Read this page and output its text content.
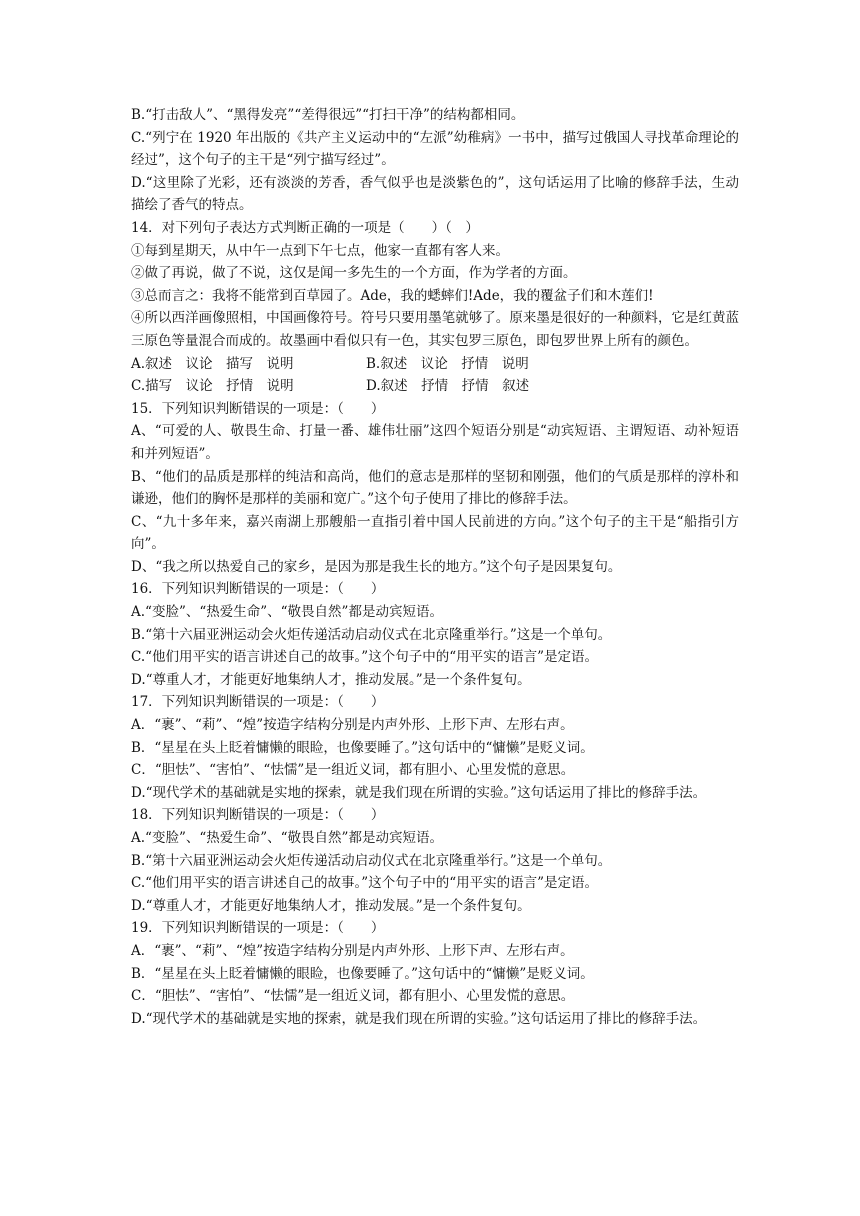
B.“打击敌人”、“黑得发亮”“差得很远”“打扫干净”的结构都相同。

C.“列宁在 1920 年出版的《共产主义运动中的“左派”幼稚病》一书中，描写过俄国人寻找革命理论的经过”，这个句子的主干是“列宁描写经过”。

D.“这里除了光彩，还有淡淡的芳香，香气似乎也是淡紫色的”，这句话运用了比喻的修辞手法，生动描绘了香气的特点。

14．对下列句子表达方式判断正确的一项是（　　）（　）

①每到星期天，从中午一点到下午七点，他家一直都有客人来。

②做了再说，做了不说，这仅是闻一多先生的一个方面，作为学者的方面。

③总而言之：我将不能常到百草园了。Ade，我的蟋蟀们!Ade，我的覆盆子们和木莲们!

④所以西洋画像照相，中国画像符号。符号只要用墨笔就够了。原来墨是很好的一种颜料，它是红黄蓝三原色等量混合而成的。故墨画中看似只有一色，其实包罗三原色，即包罗世界上所有的颜色。

A.叙述　议论　描写　说明	B.叙述　议论　抒情　说明
C.描写　议论　抒情　说明	D.叙述　抒情　抒情　叙述

15．下列知识判断错误的一项是：（　　）

A、“可爱的人、敬畏生命、打量一番、雄伟壮丽”这四个短语分别是“动宾短语、主谓短语、动补短语和并列短语”。

B、“他们的品质是那样的纯洁和高尚，他们的意志是那样的坚韧和刚强，他们的气质是那样的淳朴和谦逊，他们的胸怀是那样的美丽和宽广。”这个句子使用了排比的修辞手法。

C、“九十多年来，嘉兴南湖上那艘船一直指引着中国人民前进的方向。”这个句子的主干是“船指引方向”。

D、“我之所以热爱自己的家乡，是因为那是我生长的地方。”这个句子是因果复句。

16．下列知识判断错误的一项是：（　　）

A.“变脸”、“热爱生命”、“敬畏自然”都是动宾短语。

B.“第十六届亚洲运动会火炬传递活动启动仪式在北京隆重举行。”这是一个单句。

C.“他们用平实的语言讲述自己的故事。”这个句子中的“用平实的语言”是定语。

D.“尊重人才，才能更好地集纳人才，推动发展。”是一个条件复句。

17．下列知识判断错误的一项是：（　　）

A．“裹”、“莉”、“煌”按造字结构分别是内声外形、上形下声、左形右声。

B．“星星在头上眨着慵懒的眼睑，也像要睡了。”这句话中的“慵懒”是贬义词。

C．“胆怯”、“害怕”、“怯懦”是一组近义词，都有胆小、心里发慌的意思。

D.“现代学术的基础就是实地的探索，就是我们现在所谓的实验。”这句话运用了排比的修辞手法。

18．下列知识判断错误的一项是：（　　）

A.“变脸”、“热爱生命”、“敬畏自然”都是动宾短语。

B.“第十六届亚洲运动会火炬传递活动启动仪式在北京隆重举行。”这是一个单句。

C.“他们用平实的语言讲述自己的故事。”这个句子中的“用平实的语言”是定语。

D.“尊重人才，才能更好地集纳人才，推动发展。”是一个条件复句。

19．下列知识判断错误的一项是：（　　）

A．“裹”、“莉”、“煌”按造字结构分别是内声外形、上形下声、左形右声。

B．“星星在头上眨着慵懒的眼睑，也像要睡了。”这句话中的“慵懒”是贬义词。

C．“胆怯”、“害怕”、“怯懦”是一组近义词，都有胆小、心里发慌的意思。

D.“现代学术的基础就是实地的探索，就是我们现在所谓的实验。”这句话运用了排比的修辞手法。
